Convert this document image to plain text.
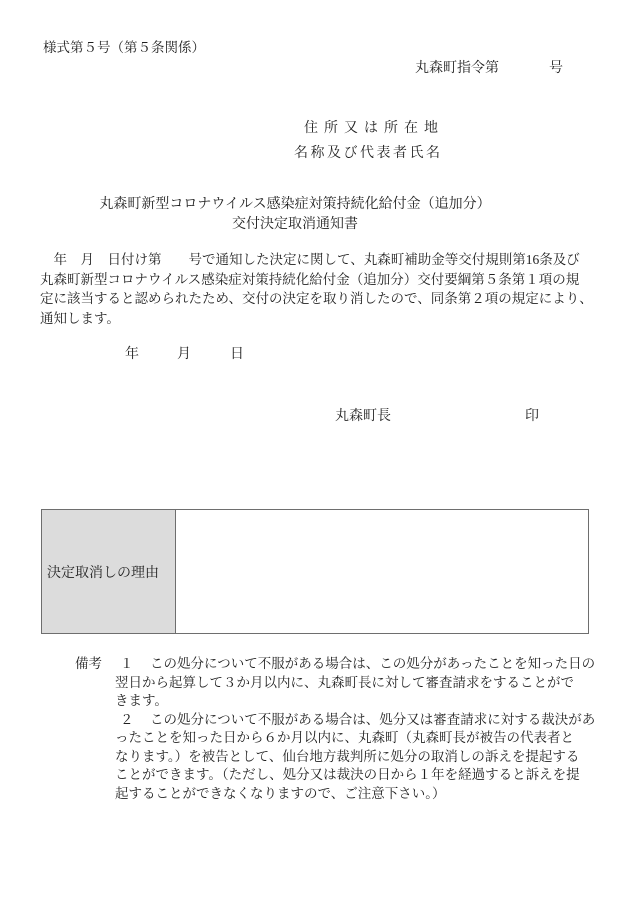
様式第５号（第５条関係）
丸森町指令第	号
住所又は所在地
名称及び代表者氏名
丸森町新型コロナウイルス感染症対策持続化給付金（追加分）
交付決定取消通知書
　年　月　日付け第　　号で通知した決定に関して、丸森町補助金等交付規則第16条及び
丸森町新型コロナウイルス感染症対策持続化給付金（追加分）交付要綱第５条第１項の規
定に該当すると認められたため、交付の決定を取り消したので、同条第２項の規定により、
通知します。
年	月	日
丸森町長	印
決定取消しの理由
備考 １ この処分について不服がある場合は、この処分があったことを知った日の
翌日から起算して３か月以内に、丸森町長に対して審査請求をすることがで
きます。
２ この処分について不服がある場合は、処分又は審査請求に対する裁決があ
ったことを知った日から６か月以内に、丸森町（丸森町長が被告の代表者と
なります。）を被告として、仙台地方裁判所に処分の取消しの訴えを提起する
ことができます。（ただし、処分又は裁決の日から１年を経過すると訴えを提
起することができなくなりますので、ご注意下さい。）
